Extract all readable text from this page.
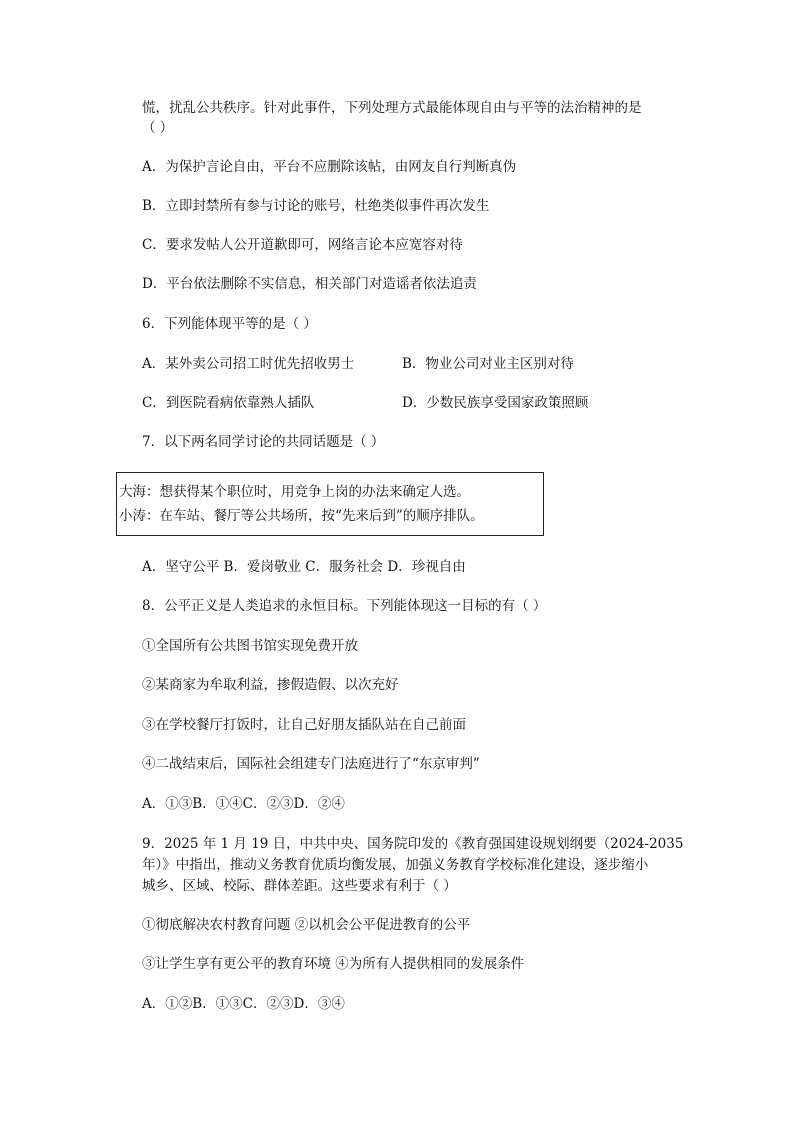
慌，扰乱公共秩序。针对此事件，下列处理方式最能体现自由与平等的法治精神的是
（ ）
A．为保护言论自由，平台不应删除该帖，由网友自行判断真伪
B．立即封禁所有参与讨论的账号，杜绝类似事件再次发生
C．要求发帖人公开道歉即可，网络言论本应宽容对待
D．平台依法删除不实信息，相关部门对造谣者依法追责
6．下列能体现平等的是（ ）
A．某外卖公司招工时优先招收男士	B．物业公司对业主区别对待
C．到医院看病依靠熟人插队	D．少数民族享受国家政策照顾
7．以下两名同学讨论的共同话题是（ ）
大海：想获得某个职位时，用竞争上岗的办法来确定人选。
小涛：在车站、餐厅等公共场所，按“先来后到”的顺序排队。
A．坚守公平 B．爱岗敬业 C．服务社会 D．珍视自由
8．公平正义是人类追求的永恒目标。下列能体现这一目标的有（ ）
①全国所有公共图书馆实现免费开放
②某商家为牟取利益，掺假造假、以次充好
③在学校餐厅打饭时，让自己好朋友插队站在自己前面
④二战结束后，国际社会组建专门法庭进行了“东京审判”
A．①③B．①④C．②③D．②④
9．2025 年 1 月 19 日，中共中央、国务院印发的《教育强国建设规划纲要（2024-2035
年）》中指出，推动义务教育优质均衡发展，加强义务教育学校标准化建设，逐步缩小
城乡、区域、校际、群体差距。这些要求有利于（ ）
①彻底解决农村教育问题 ②以机会公平促进教育的公平
③让学生享有更公平的教育环境 ④为所有人提供相同的发展条件
A．①②B．①③C．②③D．③④
